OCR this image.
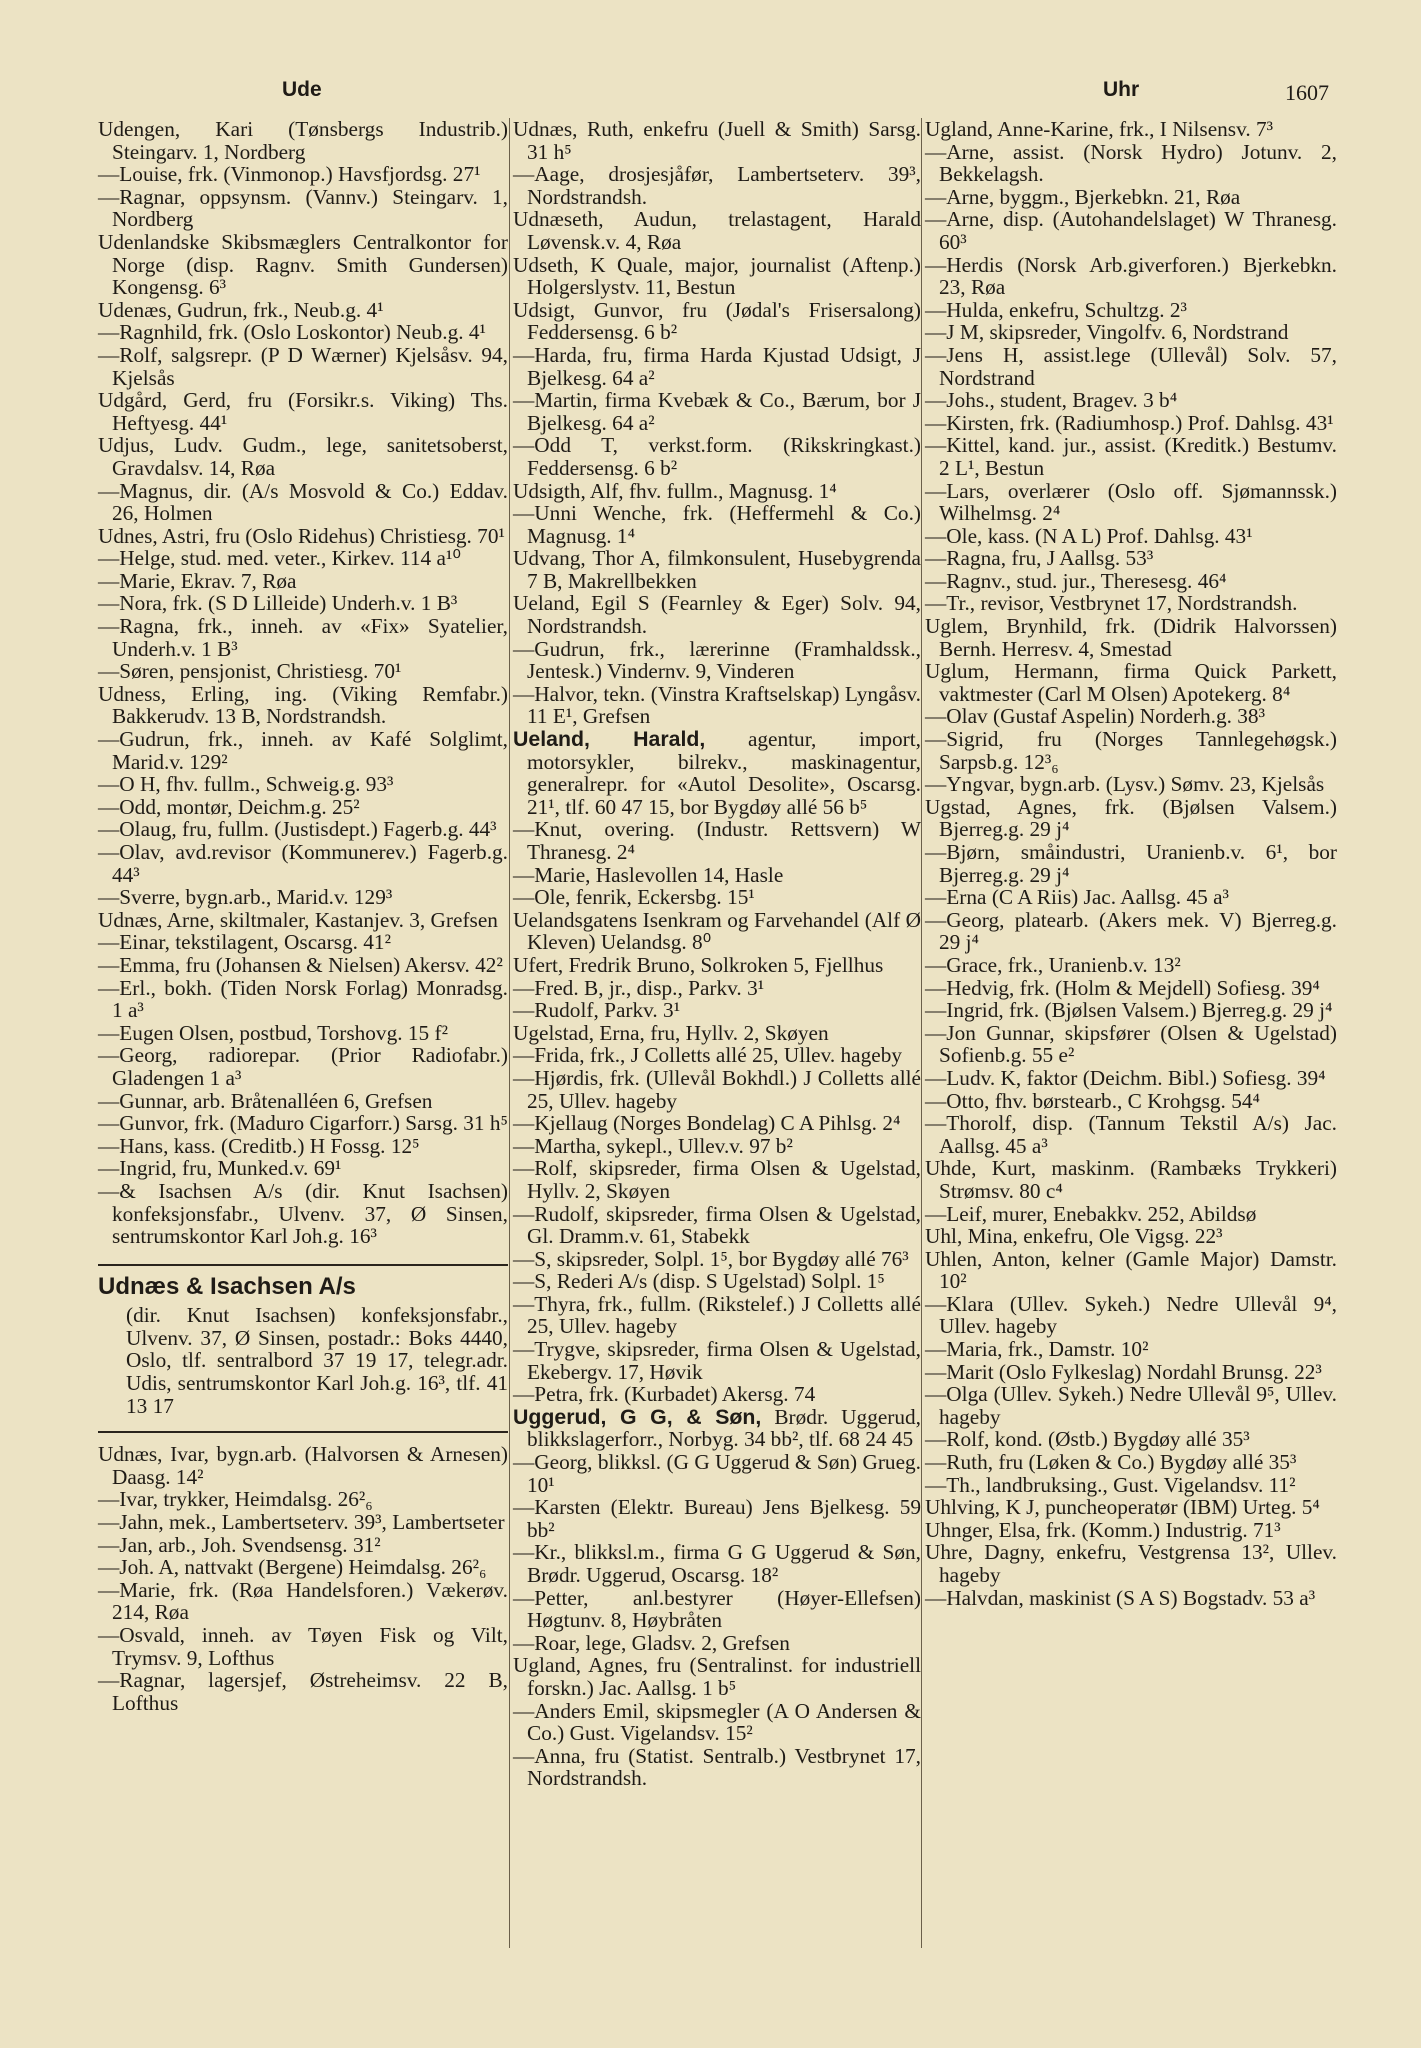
Ude	Uhr	1607

Udengen, Kari (Tønsbergs Industrib.) Steingarv. 1, Nordberg

—Louise, frk. (Vinmonop.) Havsfjordsg. 27¹

—Ragnar, oppsynsm. (Vannv.) Steingarv. 1, Nordberg

Udenlandske Skibsmæglers Centralkontor for Norge (disp. Ragnv. Smith Gundersen) Kongensg. 6³

Udenæs, Gudrun, frk., Neub.g. 4¹

—Ragnhild, frk. (Oslo Loskontor) Neub.g. 4¹

—Rolf, salgsrepr. (P D Wærner) Kjelsåsv. 94, Kjelsås

Udgård, Gerd, fru (Forsikr.s. Viking) Ths. Heftyesg. 44¹

Udjus, Ludv. Gudm., lege, sanitetsoberst, Gravdalsv. 14, Røa

—Magnus, dir. (A/s Mosvold & Co.) Eddav. 26, Holmen

Udnes, Astri, fru (Oslo Ridehus) Christiesg. 70¹

—Helge, stud. med. veter., Kirkev. 114 a¹⁰

—Marie, Ekrav. 7, Røa

—Nora, frk. (S D Lilleide) Underh.v. 1 B³

—Ragna, frk., inneh. av «Fix» Syatelier, Underh.v. 1 B³

—Søren, pensjonist, Christiesg. 70¹

Udness, Erling, ing. (Viking Remfabr.) Bakkerudv. 13 B, Nordstrandsh.

—Gudrun, frk., inneh. av Kafé Solglimt, Marid.v. 129²

—O H, fhv. fullm., Schweig.g. 93³

—Odd, montør, Deichm.g. 25²

—Olaug, fru, fullm. (Justisdept.) Fagerb.g. 44³

—Olav, avd.revisor (Kommunerev.) Fagerb.g. 44³

—Sverre, bygn.arb., Marid.v. 129³

Udnæs, Arne, skiltmaler, Kastanjev. 3, Grefsen

—Einar, tekstilagent, Oscarsg. 41²

—Emma, fru (Johansen & Nielsen) Akersv. 42²

—Erl., bokh. (Tiden Norsk Forlag) Monradsg. 1 a³

—Eugen Olsen, postbud, Torshovg. 15 f²

—Georg, radiorepar. (Prior Radiofabr.) Gladengen 1 a³

—Gunnar, arb. Bråtenalléen 6, Grefsen

—Gunvor, frk. (Maduro Cigarforr.) Sarsg. 31 h⁵

—Hans, kass. (Creditb.) H Fossg. 12⁵

—Ingrid, fru, Munked.v. 69¹

—& Isachsen A/s (dir. Knut Isachsen) konfeksjonsfabr., Ulvenv. 37, Ø Sinsen, sentrumskontor Karl Joh.g. 16³

Udnæs & Isachsen A/s
(dir. Knut Isachsen) konfeksjonsfabr., Ulvenv. 37, Ø Sinsen, postadr.: Boks 4440, Oslo, tlf. sentralbord 37 19 17, telegr.adr. Udis, sentrumskontor Karl Joh.g. 16³, tlf. 41 13 17

Udnæs, Ivar, bygn.arb. (Halvorsen & Arnesen) Daasg. 14²

—Ivar, trykker, Heimdalsg. 26²₆

—Jahn, mek., Lambertseterv. 39³, Lambertseter

—Jan, arb., Joh. Svendsensg. 31²

—Joh. A, nattvakt (Bergene) Heimdalsg. 26²₆

—Marie, frk. (Røa Handelsforen.) Vækerøv. 214, Røa

—Osvald, inneh. av Tøyen Fisk og Vilt, Trymsv. 9, Lofthus

—Ragnar, lagersjef, Østreheimsv. 22 B, Lofthus

Udnæs, Ruth, enkefru (Juell & Smith) Sarsg. 31 h⁵

—Aage, drosjesjåfør, Lambertseterv. 39³, Nordstrandsh.

Udnæseth, Audun, trelastagent, Harald Løvensk.v. 4, Røa

Udseth, K Quale, major, journalist (Aftenp.) Holgerslystv. 11, Bestun

Udsigt, Gunvor, fru (Jødal's Frisersalong) Feddersensg. 6 b²

—Harda, fru, firma Harda Kjustad Udsigt, J Bjelkesg. 64 a²

—Martin, firma Kvebæk & Co., Bærum, bor J Bjelkesg. 64 a²

—Odd T, verkst.form. (Rikskringkast.) Feddersensg. 6 b²

Udsigth, Alf, fhv. fullm., Magnusg. 1⁴

—Unni Wenche, frk. (Heffermehl & Co.) Magnusg. 1⁴

Udvang, Thor A, filmkonsulent, Husebygrenda 7 B, Makrellbekken

Ueland, Egil S (Fearnley & Eger) Solv. 94, Nordstrandsh.

—Gudrun, frk., lærerinne (Framhaldssk., Jentesk.) Vindernv. 9, Vinderen

—Halvor, tekn. (Vinstra Kraftselskap) Lyngåsv. 11 E¹, Grefsen

Ueland, Harald, agentur, import, motorsykler, bilrekv., maskinagentur, generalrepr. for «Autol Desolite», Oscarsg. 21¹, tlf. 60 47 15, bor Bygdøy allé 56 b⁵

—Knut, overing. (Industr. Rettsvern) W Thranesg. 2⁴

—Marie, Haslevollen 14, Hasle

—Ole, fenrik, Eckersbg. 15¹

Uelandsgatens Isenkram og Farvehandel (Alf Ø Kleven) Uelandsg. 8⁰

Ufert, Fredrik Bruno, Solkroken 5, Fjellhus

—Fred. B, jr., disp., Parkv. 3¹

—Rudolf, Parkv. 3¹

Ugelstad, Erna, fru, Hyllv. 2, Skøyen

—Frida, frk., J Colletts allé 25, Ullev. hageby

—Hjørdis, frk. (Ullevål Bokhdl.) J Colletts allé 25, Ullev. hageby

—Kjellaug (Norges Bondelag) C A Pihlsg. 2⁴

—Martha, sykepl., Ullev.v. 97 b²

—Rolf, skipsreder, firma Olsen & Ugelstad, Hyllv. 2, Skøyen

—Rudolf, skipsreder, firma Olsen & Ugelstad, Gl. Dramm.v. 61, Stabekk

—S, skipsreder, Solpl. 1⁵, bor Bygdøy allé 76³

—S, Rederi A/s (disp. S Ugelstad) Solpl. 1⁵

—Thyra, frk., fullm. (Rikstelef.) J Colletts allé 25, Ullev. hageby

—Trygve, skipsreder, firma Olsen & Ugelstad, Ekebergv. 17, Høvik

—Petra, frk. (Kurbadet) Akersg. 74

Uggerud, G G, & Søn, Brødr. Uggerud, blikkslagerforr., Norbyg. 34 bb², tlf. 68 24 45

—Georg, blikksl. (G G Uggerud & Søn) Grueg. 10¹

—Karsten (Elektr. Bureau) Jens Bjelkesg. 59 bb²

—Kr., blikksl.m., firma G G Uggerud & Søn, Brødr. Uggerud, Oscarsg. 18²

—Petter, anl.bestyrer (Høyer-Ellefsen) Høgtunv. 8, Høybråten

—Roar, lege, Gladsv. 2, Grefsen

Ugland, Agnes, fru (Sentralinst. for industriell forskn.) Jac. Aallsg. 1 b⁵

—Anders Emil, skipsmegler (A O Andersen & Co.) Gust. Vigelandsv. 15²

—Anna, fru (Statist. Sentralb.) Vestbrynet 17, Nordstrandsh.

Ugland, Anne-Karine, frk., I Nilsensv. 7³

—Arne, assist. (Norsk Hydro) Jotunv. 2, Bekkelagsh.

—Arne, byggm., Bjerkebkn. 21, Røa

—Arne, disp. (Autohandelslaget) W Thranesg. 60³

—Herdis (Norsk Arb.giverforen.) Bjerkebkn. 23, Røa

—Hulda, enkefru, Schultzg. 2³

—J M, skipsreder, Vingolfv. 6, Nordstrand

—Jens H, assist.lege (Ullevål) Solv. 57, Nordstrand

—Johs., student, Bragev. 3 b⁴

—Kirsten, frk. (Radiumhosp.) Prof. Dahlsg. 43¹

—Kittel, kand. jur., assist. (Kreditk.) Bestumv. 2 L¹, Bestun

—Lars, overlærer (Oslo off. Sjømannssk.) Wilhelmsg. 2⁴

—Ole, kass. (N A L) Prof. Dahlsg. 43¹

—Ragna, fru, J Aallsg. 53³

—Ragnv., stud. jur., Theresesg. 46⁴

—Tr., revisor, Vestbrynet 17, Nordstrandsh.

Uglem, Brynhild, frk. (Didrik Halvorssen) Bernh. Herresv. 4, Smestad

Uglum, Hermann, firma Quick Parkett, vaktmester (Carl M Olsen) Apotekerg. 8⁴

—Olav (Gustaf Aspelin) Norderh.g. 38³

—Sigrid, fru (Norges Tannlegehøgsk.) Sarpsb.g. 12³₆

—Yngvar, bygn.arb. (Lysv.) Sømv. 23, Kjelsås

Ugstad, Agnes, frk. (Bjølsen Valsem.) Bjerreg.g. 29 j⁴

—Bjørn, småindustri, Uranienb.v. 6¹, bor Bjerreg.g. 29 j⁴

—Erna (C A Riis) Jac. Aallsg. 45 a³

—Georg, platearb. (Akers mek. V) Bjerreg.g. 29 j⁴

—Grace, frk., Uranienb.v. 13²

—Hedvig, frk. (Holm & Mejdell) Sofiesg. 39⁴

—Ingrid, frk. (Bjølsen Valsem.) Bjerreg.g. 29 j⁴

—Jon Gunnar, skipsfører (Olsen & Ugelstad) Sofienb.g. 55 e²

—Ludv. K, faktor (Deichm. Bibl.) Sofiesg. 39⁴

—Otto, fhv. børstearb., C Krohgsg. 54⁴

—Thorolf, disp. (Tannum Tekstil A/s) Jac. Aallsg. 45 a³

Uhde, Kurt, maskinm. (Rambæks Trykkeri) Strømsv. 80 c⁴

—Leif, murer, Enebakkv. 252, Abildsø

Uhl, Mina, enkefru, Ole Vigsg. 22³

Uhlen, Anton, kelner (Gamle Major) Damstr. 10²

—Klara (Ullev. Sykeh.) Nedre Ullevål 9⁴, Ullev. hageby

—Maria, frk., Damstr. 10²

—Marit (Oslo Fylkeslag) Nordahl Brunsg. 22³

—Olga (Ullev. Sykeh.) Nedre Ullevål 9⁵, Ullev. hageby

—Rolf, kond. (Østb.) Bygdøy allé 35³

—Ruth, fru (Løken & Co.) Bygdøy allé 35³

—Th., landbruksing., Gust. Vigelandsv. 11²

Uhlving, K J, puncheoperatør (IBM) Urteg. 5⁴

Uhnger, Elsa, frk. (Komm.) Industrig. 71³

Uhre, Dagny, enkefru, Vestgrensa 13², Ullev. hageby

—Halvdan, maskinist (S A S) Bogstadv. 53 a³
